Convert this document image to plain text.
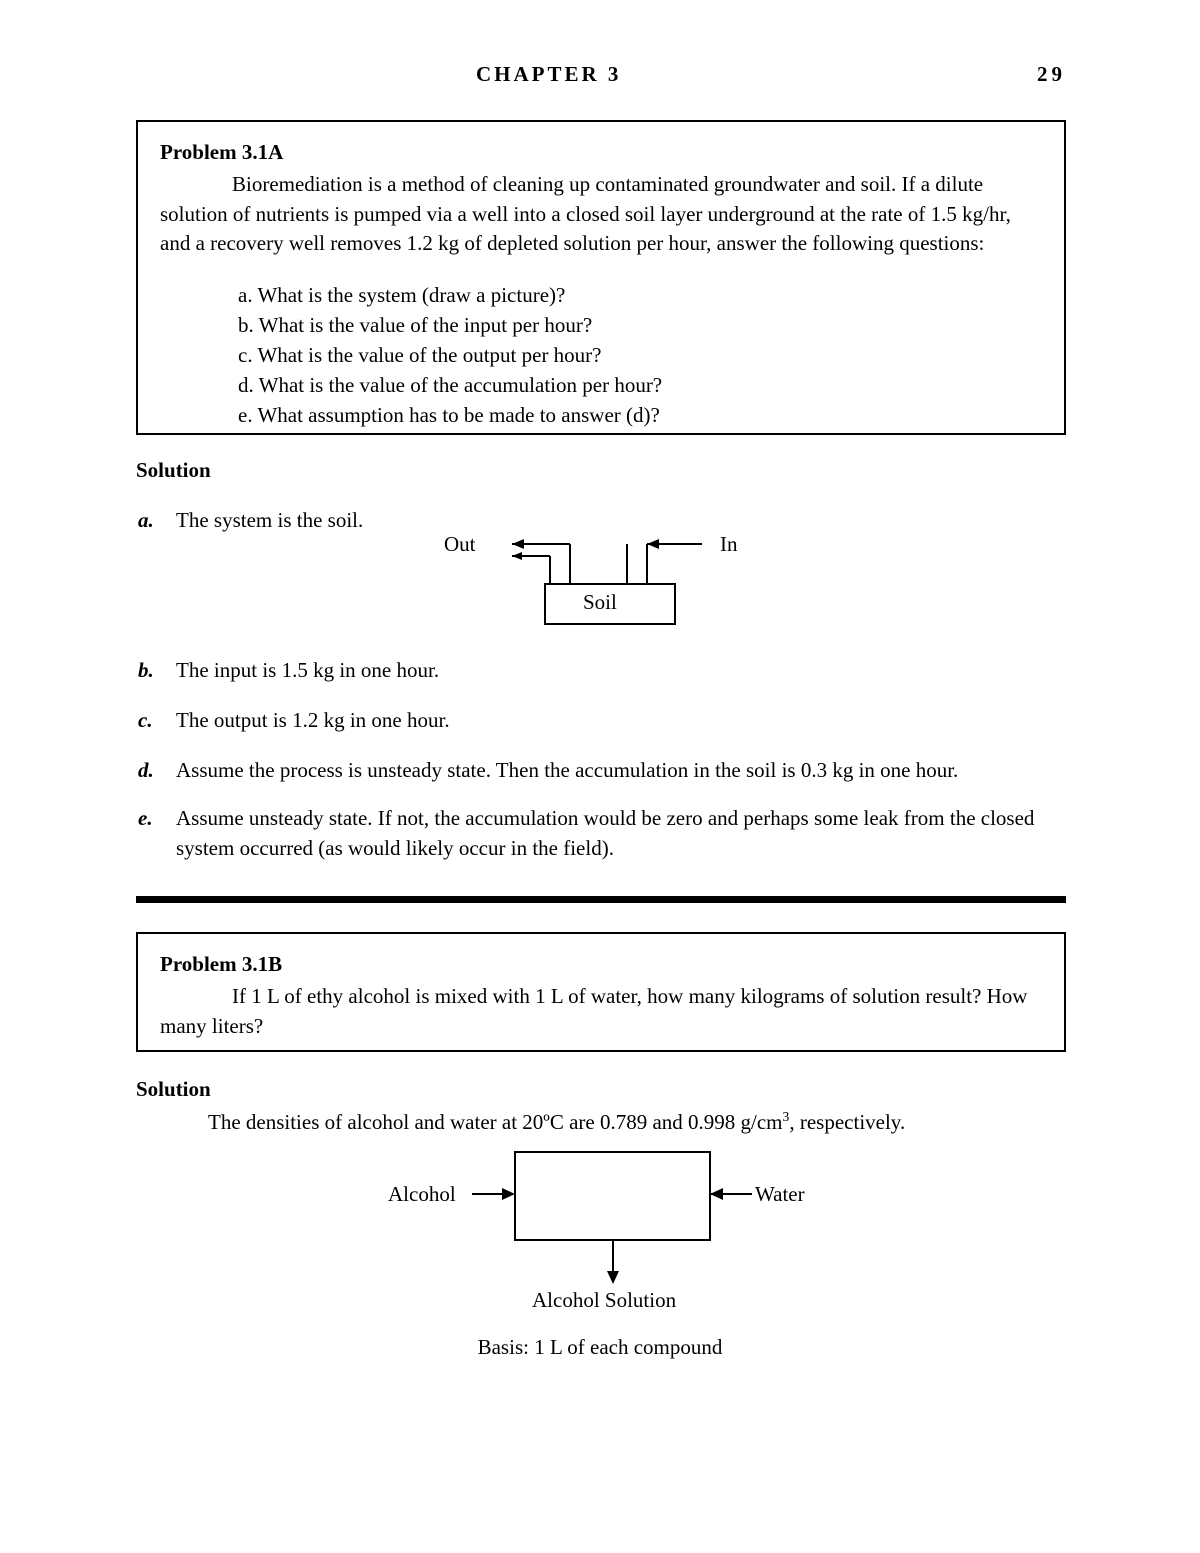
CHAPTER 3	29
Problem 3.1A
Bioremediation is a method of cleaning up contaminated groundwater and soil. If a dilute solution of nutrients is pumped via a well into a closed soil layer underground at the rate of 1.5 kg/hr, and a recovery well removes 1.2 kg of depleted solution per hour, answer the following questions:
a. What is the system (draw a picture)?
b. What is the value of the input per hour?
c. What is the value of the output per hour?
d. What is the value of the accumulation per hour?
e. What assumption has to be made to answer (d)?
Solution
a.	The system is the soil.
Out	In
Soil
b.	The input is 1.5 kg in one hour.
c.	The output is 1.2 kg in one hour.
d.	Assume the process is unsteady state. Then the accumulation in the soil is 0.3 kg in one hour.
e.	Assume unsteady state. If not, the accumulation would be zero and perhaps some leak from the closed system occurred (as would likely occur in the field).
Problem 3.1B
If 1 L of ethy alcohol is mixed with 1 L of water, how many kilograms of solution result? How many liters?
Solution
The densities of alcohol and water at 20ºC are 0.789 and 0.998 $g/cm^3$, respectively.
Alcohol	Water
Alcohol Solution
Basis: 1 L of each compound
